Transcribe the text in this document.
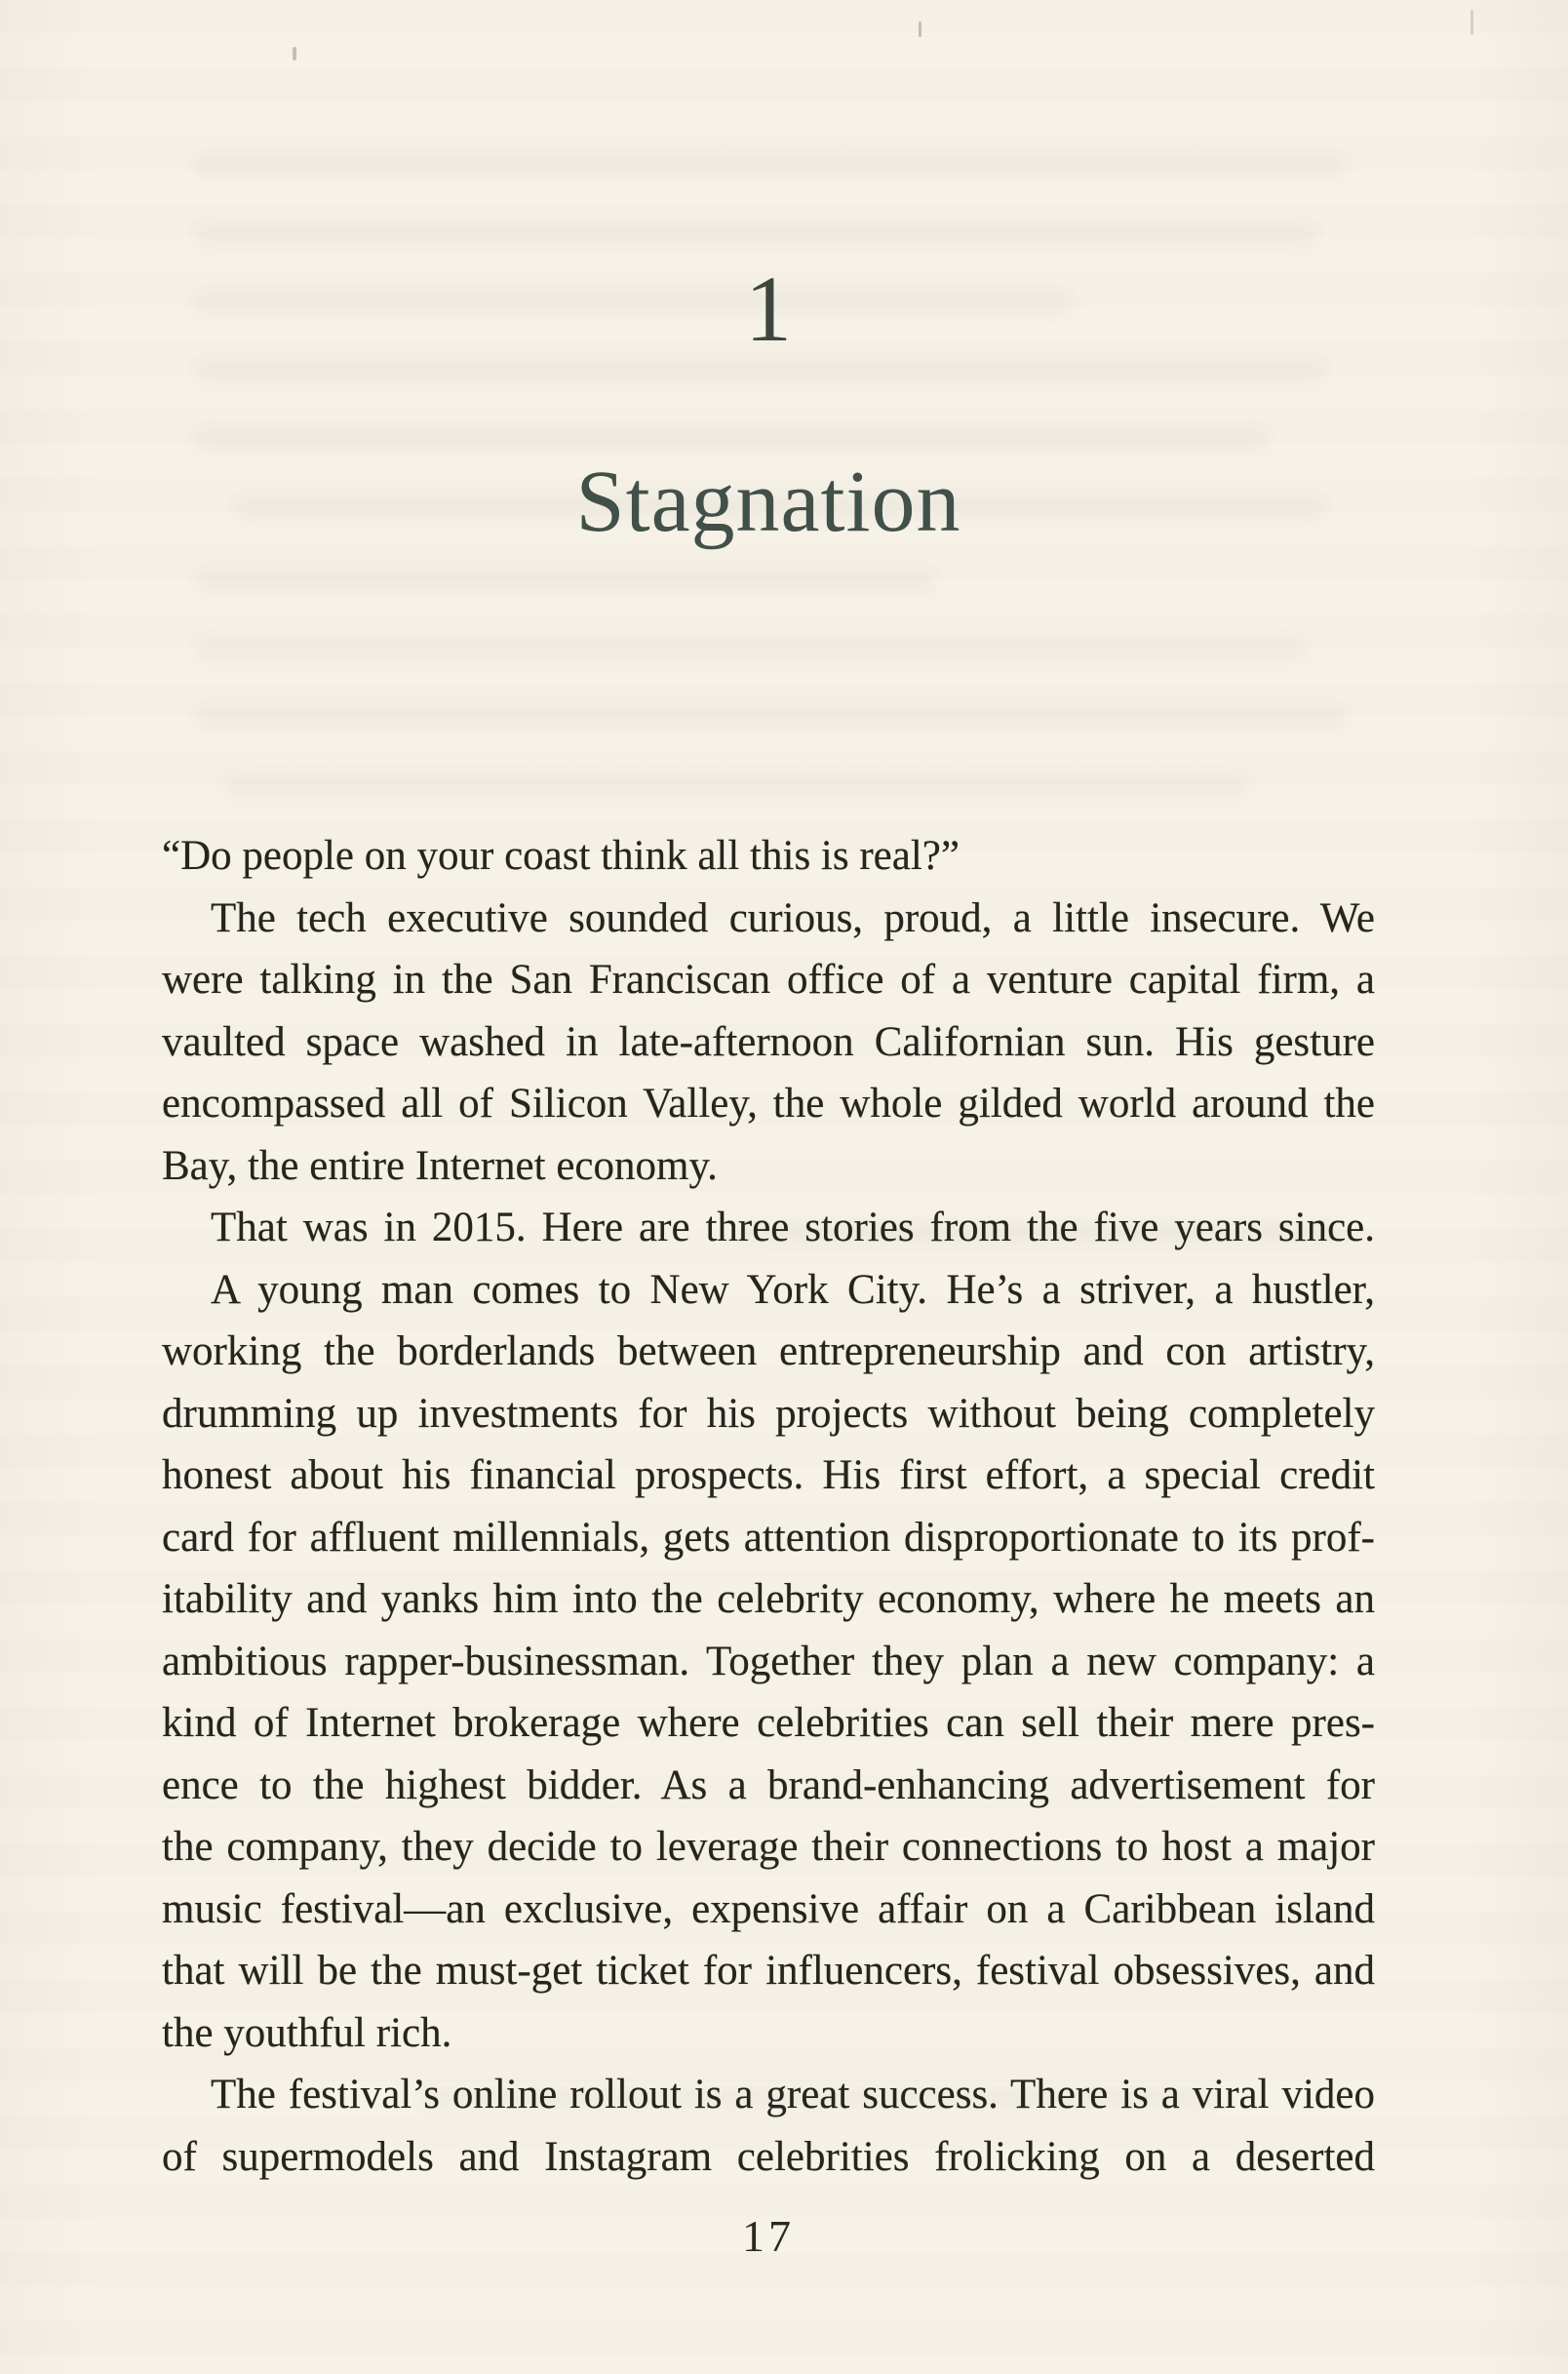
1
Stagnation
“Do people on your coast think all this is real?”
The tech executive sounded curious, proud, a little insecure. We
were talking in the San Franciscan office of a venture capital firm, a
vaulted space washed in late-afternoon Californian sun. His gesture
encompassed all of Silicon Valley, the whole gilded world around the
Bay, the entire Internet economy.
That was in 2015. Here are three stories from the five years since.
A young man comes to New York City. He’s a striver, a hustler,
working the borderlands between entrepreneurship and con artistry,
drumming up investments for his projects without being completely
honest about his financial prospects. His first effort, a special credit
card for affluent millennials, gets attention disproportionate to its prof-
itability and yanks him into the celebrity economy, where he meets an
ambitious rapper-businessman. Together they plan a new company: a
kind of Internet brokerage where celebrities can sell their mere pres-
ence to the highest bidder. As a brand-enhancing advertisement for
the company, they decide to leverage their connections to host a major
music festival—an exclusive, expensive affair on a Caribbean island
that will be the must-get ticket for influencers, festival obsessives, and
the youthful rich.
The festival’s online rollout is a great success. There is a viral video
of supermodels and Instagram celebrities frolicking on a deserted
17
